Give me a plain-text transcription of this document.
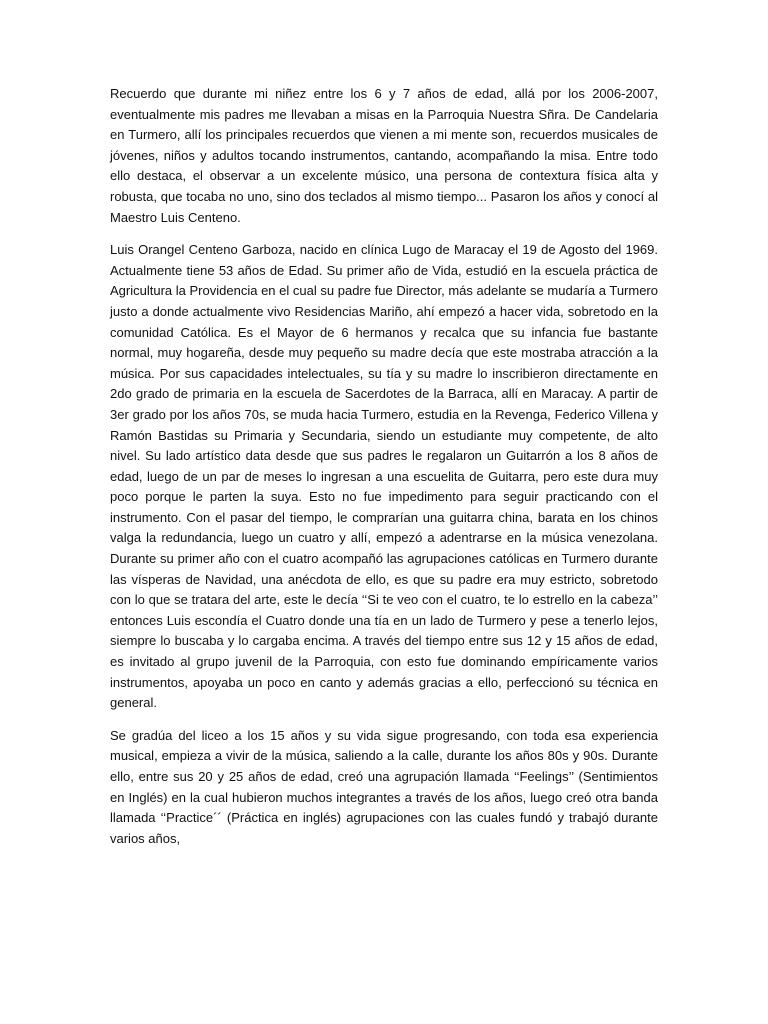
Recuerdo que durante mi niñez entre los 6 y 7 años de edad, allá por los 2006-2007, eventualmente mis padres me llevaban a misas en la Parroquia Nuestra Sñra. De Candelaria en Turmero, allí los principales recuerdos que vienen a mi mente son, recuerdos musicales de jóvenes, niños y adultos tocando instrumentos, cantando, acompañando la misa. Entre todo ello destaca, el observar a un excelente músico, una persona de contextura física alta y robusta, que tocaba no uno, sino dos teclados al mismo tiempo... Pasaron los años y conocí al Maestro Luis Centeno.

Luis Orangel Centeno Garboza, nacido en clínica Lugo de Maracay el 19 de Agosto del 1969. Actualmente tiene 53 años de Edad. Su primer año de Vida, estudió en la escuela práctica de Agricultura la Providencia en el cual su padre fue Director, más adelante se mudaría a Turmero justo a donde actualmente vivo Residencias Mariño, ahí empezó a hacer vida, sobretodo en la comunidad Católica. Es el Mayor de 6 hermanos y recalca que su infancia fue bastante normal, muy hogareña, desde muy pequeño su madre decía que este mostraba atracción a la música. Por sus capacidades intelectuales, su tía y su madre lo inscribieron directamente en 2do grado de primaria en la escuela de Sacerdotes de la Barraca, allí en Maracay. A partir de 3er grado por los años 70s, se muda hacia Turmero, estudia en la Revenga, Federico Villena y Ramón Bastidas su Primaria y Secundaria, siendo un estudiante muy competente, de alto nivel. Su lado artístico data desde que sus padres le regalaron un Guitarrón a los 8 años de edad, luego de un par de meses lo ingresan a una escuelita de Guitarra, pero este dura muy poco porque le parten la suya. Esto no fue impedimento para seguir practicando con el instrumento. Con el pasar del tiempo, le comprarían una guitarra china, barata en los chinos valga la redundancia, luego un cuatro y allí, empezó a adentrarse en la música venezolana. Durante su primer año con el cuatro acompañó las agrupaciones católicas en Turmero durante las vísperas de Navidad, una anécdota de ello, es que su padre era muy estricto, sobretodo con lo que se tratara del arte, este le decía ‘‘Si te veo con el cuatro, te lo estrello en la cabeza’’ entonces Luis escondía el Cuatro donde una tía en un lado de Turmero y pese a tenerlo lejos, siempre lo buscaba y lo cargaba encima. A través del tiempo entre sus 12 y 15 años de edad, es invitado al grupo juvenil de la Parroquia, con esto fue dominando empíricamente varios instrumentos, apoyaba un poco en canto y además gracias a ello, perfeccionó su técnica en general.

Se gradúa del liceo a los 15 años y su vida sigue progresando, con toda esa experiencia musical, empieza a vivir de la música, saliendo a la calle, durante los años 80s y 90s. Durante ello, entre sus 20 y 25 años de edad, creó una agrupación llamada ‘‘Feelings’’ (Sentimientos en Inglés) en la cual hubieron muchos integrantes a través de los años, luego creó otra banda llamada ‘‘Practice´´ (Práctica en inglés) agrupaciones con las cuales fundó y trabajó durante varios años,
